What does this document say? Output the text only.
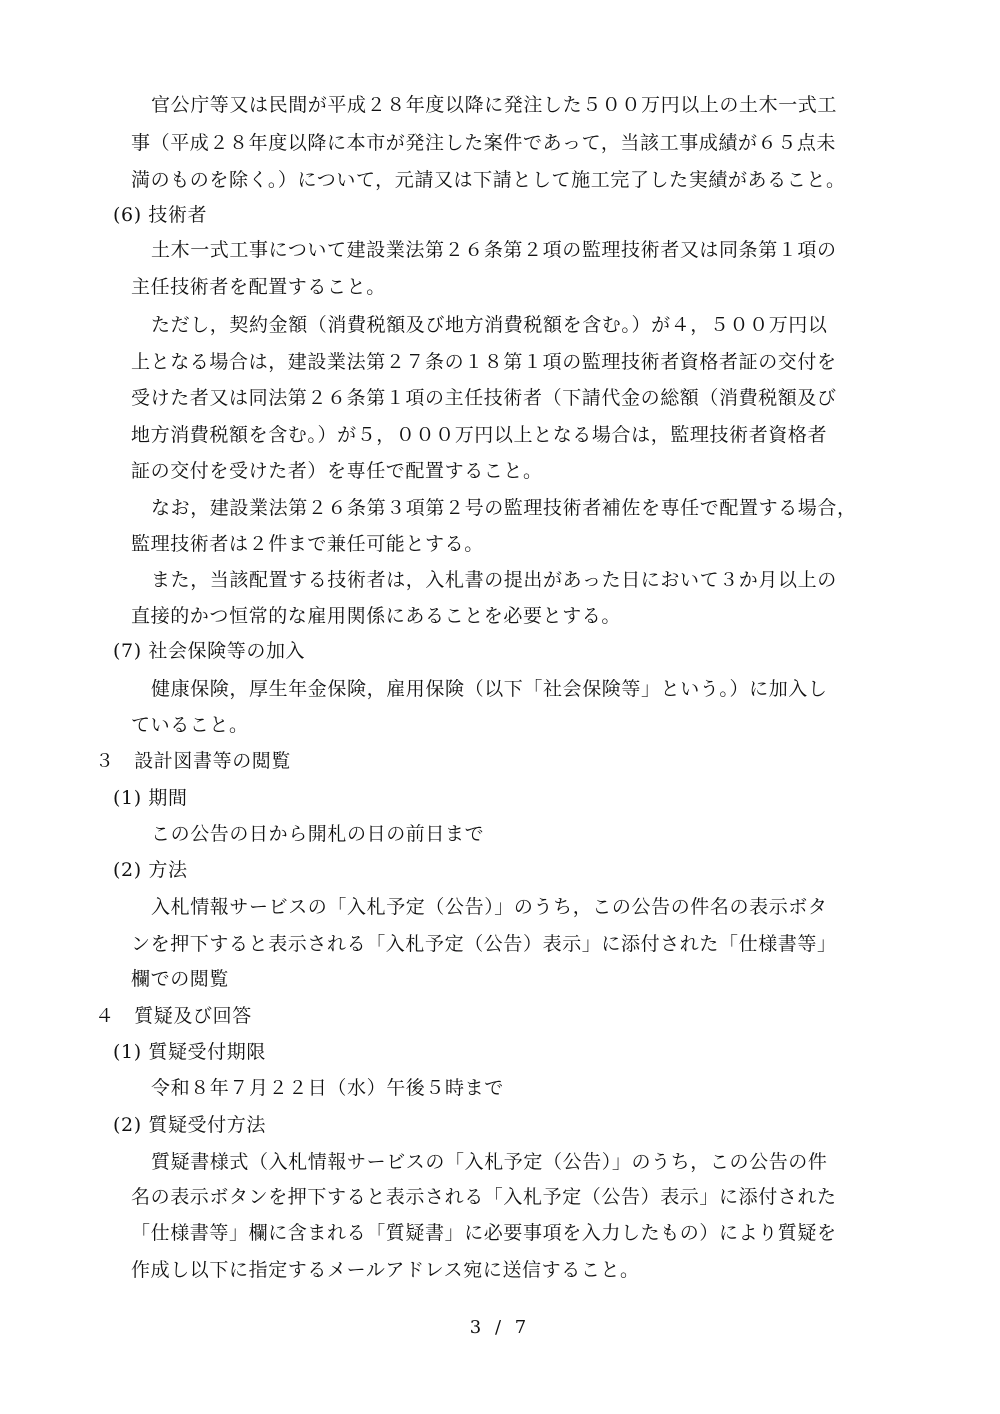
官公庁等又は民間が平成２８年度以降に発注した５００万円以上の土木一式工
事（平成２８年度以降に本市が発注した案件であって，当該工事成績が６５点未
満のものを除く。）について，元請又は下請として施工完了した実績があること。
(6) 技術者
土木一式工事について建設業法第２６条第２項の監理技術者又は同条第１項の
主任技術者を配置すること。
ただし，契約金額（消費税額及び地方消費税額を含む。）が４，５００万円以
上となる場合は，建設業法第２７条の１８第１項の監理技術者資格者証の交付を
受けた者又は同法第２６条第１項の主任技術者（下請代金の総額（消費税額及び
地方消費税額を含む。）が５，０００万円以上となる場合は，監理技術者資格者
証の交付を受けた者）を専任で配置すること。
なお，建設業法第２６条第３項第２号の監理技術者補佐を専任で配置する場合，
監理技術者は２件まで兼任可能とする。
また，当該配置する技術者は，入札書の提出があった日において３か月以上の
直接的かつ恒常的な雇用関係にあることを必要とする。
(7) 社会保険等の加入
健康保険，厚生年金保険，雇用保険（以下「社会保険等」という。）に加入し
ていること。
３　設計図書等の閲覧
(1) 期間
この公告の日から開札の日の前日まで
(2) 方法
入札情報サービスの「入札予定（公告）」のうち，この公告の件名の表示ボタ
ンを押下すると表示される「入札予定（公告）表示」に添付された「仕様書等」
欄での閲覧
４　質疑及び回答
(1) 質疑受付期限
令和８年７月２２日（水）午後５時まで
(2) 質疑受付方法
質疑書様式（入札情報サービスの「入札予定（公告）」のうち，この公告の件
名の表示ボタンを押下すると表示される「入札予定（公告）表示」に添付された
「仕様書等」欄に含まれる「質疑書」に必要事項を入力したもの）により質疑を
作成し以下に指定するメールアドレス宛に送信すること。
3 / 7
